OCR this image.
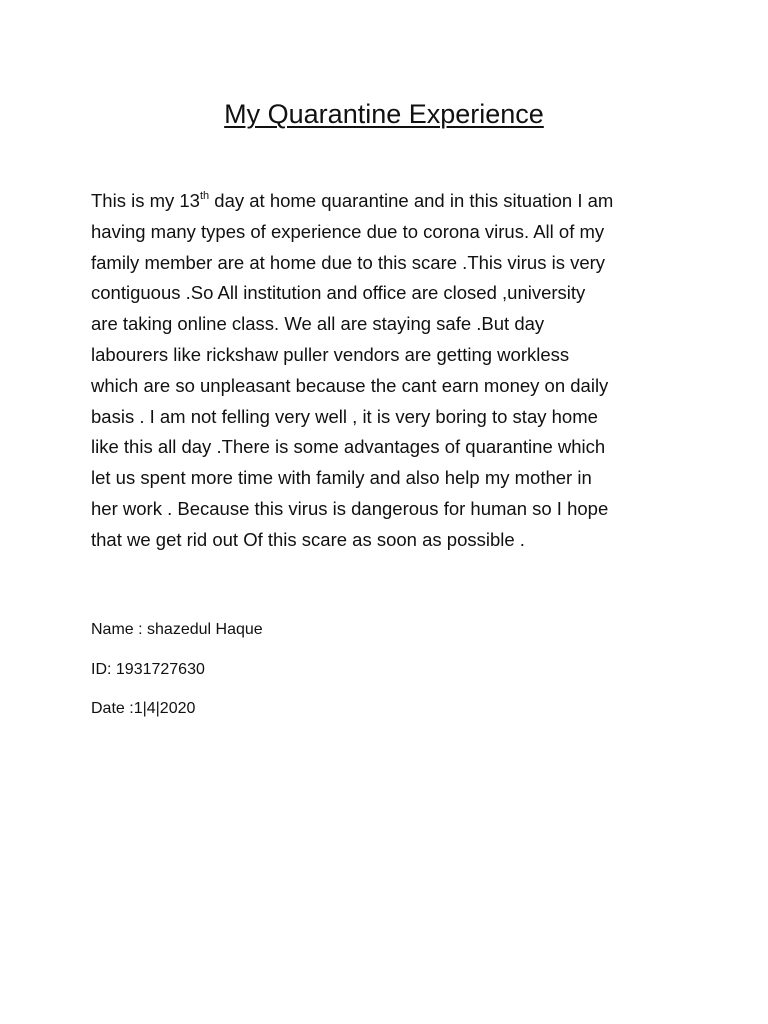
My Quarantine Experience
This is my 13th day at home quarantine and in this situation I am
having many types of experience due to corona virus. All of my
family member are at home due to this scare .This virus is very
contiguous .So All institution and office are closed ,university
are taking online class. We all are staying safe .But day
labourers like rickshaw puller vendors are getting workless
which are so unpleasant because the cant earn money on daily
basis . I am not felling very well , it is very boring to stay home
like this all day .There is some advantages of quarantine which
let us spent more time with family and also help my mother in
her work . Because this virus is dangerous for human so I hope
that we get rid out Of this scare as soon as possible .
Name : shazedul Haque
ID: 1931727630
Date :1|4|2020
